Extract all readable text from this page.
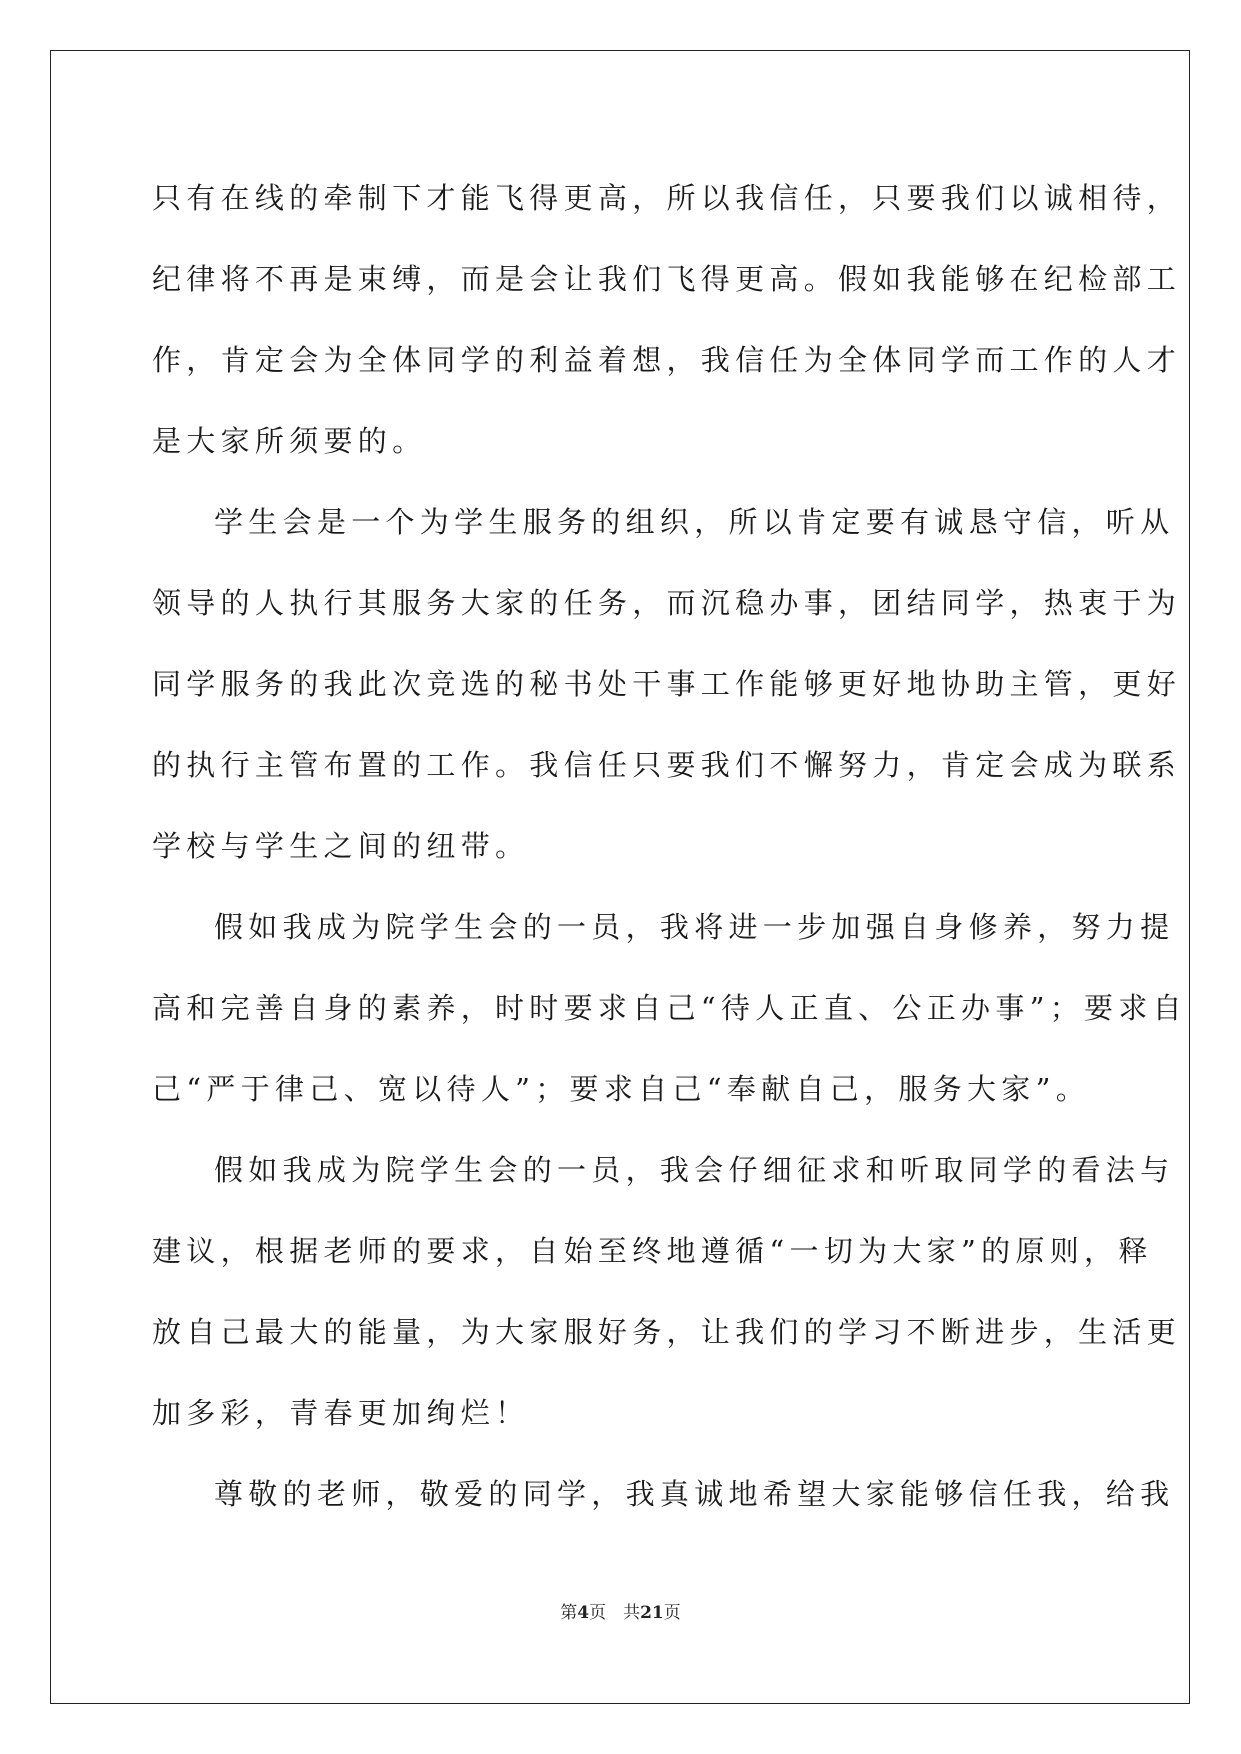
只有在线的牵制下才能飞得更高，所以我信任，只要我们以诚相待，
纪律将不再是束缚，而是会让我们飞得更高。假如我能够在纪检部工
作，肯定会为全体同学的利益着想，我信任为全体同学而工作的人才
是大家所须要的。
学生会是一个为学生服务的组织，所以肯定要有诚恳守信，听从
领导的人执行其服务大家的任务，而沉稳办事，团结同学，热衷于为
同学服务的我此次竞选的秘书处干事工作能够更好地协助主管，更好
的执行主管布置的工作。我信任只要我们不懈努力，肯定会成为联系
学校与学生之间的纽带。
假如我成为院学生会的一员，我将进一步加强自身修养，努力提
高和完善自身的素养，时时要求自己“待人正直、公正办事”；要求自
己“严于律己、宽以待人”；要求自己“奉献自己，服务大家”。
假如我成为院学生会的一员，我会仔细征求和听取同学的看法与
建议，根据老师的要求，自始至终地遵循“一切为大家”的原则，释
放自己最大的能量，为大家服好务，让我们的学习不断进步，生活更
加多彩，青春更加绚烂！
尊敬的老师，敬爱的同学，我真诚地希望大家能够信任我，给我
第4页　共21页
